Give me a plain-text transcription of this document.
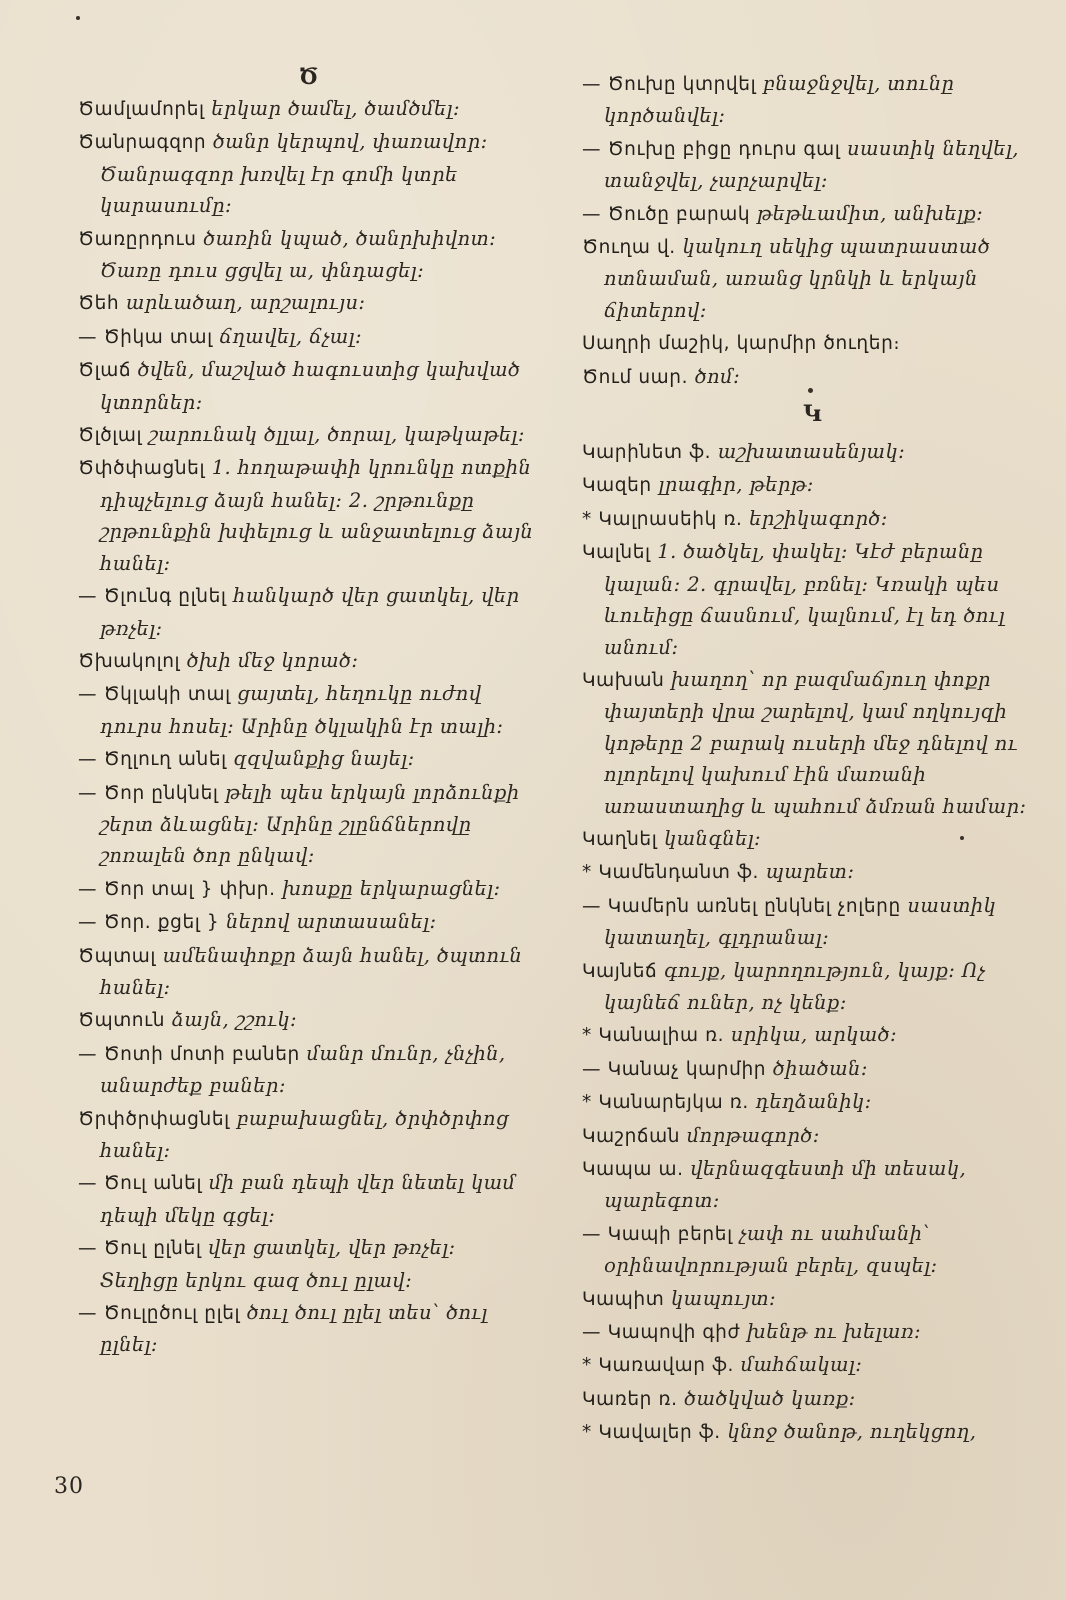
Ծ
Ծամլամորել երկար ծամել, ծամծմել։
Ծանրագզոր ծանր կերպով, փառավոր։ Ծանրագզոր խռվել էր գոմի կտրե կարասումը։
Ծառըրդուս ծառին կպած, ծանրխիվոտ։ Ծառը դուս ցցվել ա, փնդացել։
Ծեհ արևածաղ, արշալույս։
— Ծիկա տալ ճղավել, ճչալ։
Ծլաճ ծվեն, մաշված հագուստից կախված կտորներ։
Ծլծլալ շարունակ ծլլալ, ծորալ, կաթկաթել։
Ծփծփացնել 1. հողաթափի կրունկը ոտքին դիպչելուց ձայն հանել։ 2. շրթունքը շրթունքին խփելուց և անջատելուց ձայն հանել։
— Ծլունգ ըլնել հանկարծ վեր ցատկել, վեր թռչել։
Ծխակոլոլ ծխի մեջ կորած։
— Ծկլակի տալ ցայտել, հեղուկը ուժով դուրս հոսել։ Արինը ծկլակին էր տալի։
— Ծղլուղ անել զզվանքից նայել։
— Ծոր ընկնել թելի պես երկայն լորձունքի շերտ ձևացնել։ Արինը շլընճներովը շոռալեն ծոր ընկավ։
— Ծոր տալ } փխր. խոսքը երկարացնել։
— Ծոր. քցել } ներով արտասանել։
Ծպտալ ամենափոքր ձայն հանել, ծպտուն հանել։
Ծպտուն ձայն, շշուկ։
— Ծոտի մոտի բաներ մանր մունր, չնչին, անարժեք բաներ։
Ծրփծրփացնել բաբախացնել, ծրփծրփոց հանել։
— Ծուլ անել մի բան դեպի վեր նետել կամ դեպի մեկը գցել։
— Ծուլ ըլնել վեր ցատկել, վեր թռչել։ Տեղիցը երկու գազ ծուլ ըլավ։
— Ծուլըծուլ ըլել ծուլ ծուլ ըլել տես՝ ծուլ ըլնել։
— Ծուխը կտրվել բնաջնջվել, տունը կործանվել։
— Ծուխը բիցը դուրս գալ սաստիկ նեղվել, տանջվել, չարչարվել։
— Ծուծը բարակ թեթևամիտ, անխելք։
Ծուղա վ. կակուղ սեկից պատրաստած ոտնաման, առանց կրնկի և երկայն ճիտերով։
Սաղրի մաշիկ, կարմիր ծուղեր։
Ծում սար. ծոմ։
Կ
Կարինետ ֆ. աշխատասենյակ։
Կազեր լրագիր, թերթ։
* Կալրասեիկ ռ. երշիկագործ։
Կալնել 1. ծածկել, փակել։ Կէժ բերանը կալան։ 2. գրավել, բռնել։ Կռակի պես ևուեիցը ճասնում, կալնում, էլ եդ ծուլ անում։
Կախան խաղող՝ որ բազմաճյուղ փոքր փայտերի վրա շարելով, կամ ողկույզի կոթերը 2 բարակ ուսերի մեջ դնելով ու ոլորելով կախում էին մառանի առաստաղից և պահում ձմռան համար։
Կաղնել կանգնել։
* Կամենդանտ ֆ. պարետ։
— Կամերն առնել ընկնել չոլերը սաստիկ կատաղել, գլդրանալ։
Կայնեճ գույք, կարողություն, կայք։ Ոչ կայնեճ ուներ, ոչ կենք։
* Կանալիա ռ. սրիկա, արկած։
— Կանաչ կարմիր ծիածան։
* Կանարեյկա ռ. դեղձանիկ։
Կաշրճան մորթագործ։
Կապա ա. վերնազգեստի մի տեսակ, պարեգոտ։
— Կապի բերել չափ ու սահմանի՝ օրինավորության բերել, զսպել։
Կապիտ կապույտ։
— Կապովի գիժ խենթ ու խելառ։
* Կառավար ֆ. մահճակալ։
Կառեր ռ. ծածկված կառք։
* Կավալեր ֆ. կնոջ ծանոթ, ուղեկցող,
30
